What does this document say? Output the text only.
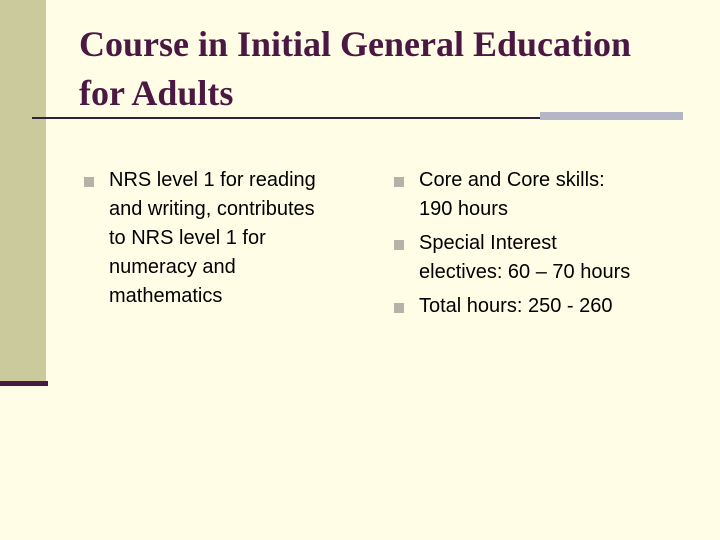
Course in Initial General Education
for Adults
NRS level 1 for reading
and writing, contributes
to NRS level 1 for
numeracy and
mathematics
Core and Core skills:
190 hours
Special Interest
electives: 60 – 70 hours
Total hours: 250 - 260
